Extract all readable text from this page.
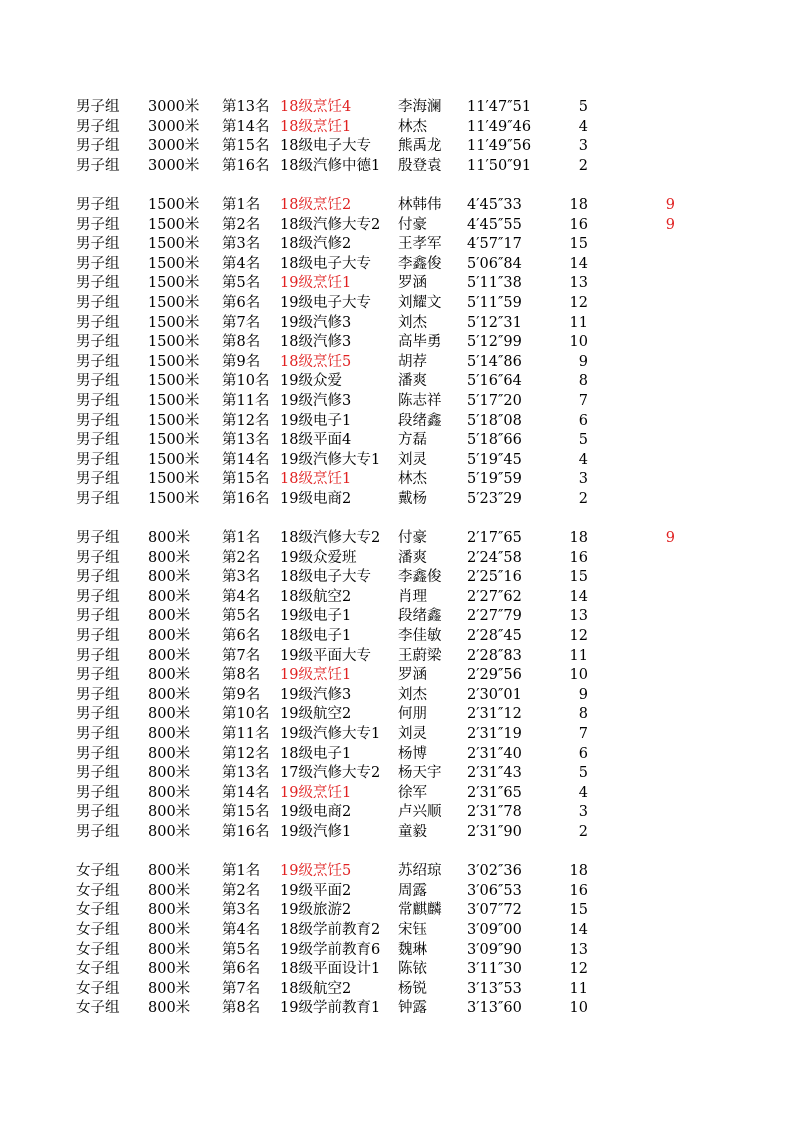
男子组 3000米 第13名 18级烹饪4	李海澜 11′47″51	5
男子组 3000米 第14名 18级烹饪1	林杰	11′49″46	4
男子组 3000米 第15名 18级电子大专 熊禹龙 11′49″56	3
男子组 3000米 第16名 18级汽修中德1 殷登袁 11′50″91	2
男子组 1500米 第1名 18级烹饪2	林韩伟 4′45″33	18	9
男子组 1500米 第2名 18级汽修大专2 付豪	4′45″55	16	9
男子组 1500米 第3名 18级汽修2	王孝军 4′57″17	15
男子组 1500米 第4名 18级电子大专 李鑫俊 5′06″84	14
男子组 1500米 第5名 19级烹饪1	罗涵	5′11″38	13
男子组 1500米 第6名 19级电子大专 刘耀文 5′11″59	12
男子组 1500米 第7名 19级汽修3	刘杰	5′12″31	11
男子组 1500米 第8名 18级汽修3	高毕勇 5′12″99	10
男子组 1500米 第9名 18级烹饪5	胡荐	5′14″86	9
男子组 1500米 第10名 19级众爱	潘爽	5′16″64	8
男子组 1500米 第11名 19级汽修3	陈志祥 5′17″20	7
男子组 1500米 第12名 19级电子1	段绪鑫 5′18″08	6
男子组 1500米 第13名 18级平面4	方磊	5′18″66	5
男子组 1500米 第14名 19级汽修大专1 刘灵	5′19″45	4
男子组 1500米 第15名 18级烹饪1	林杰	5′19″59	3
男子组 1500米 第16名 19级电商2	戴杨	5′23″29	2
男子组 800米 第1名 18级汽修大专2 付豪	2′17″65	18	9
男子组 800米 第2名 19级众爱班	潘爽	2′24″58	16
男子组 800米 第3名 18级电子大专 李鑫俊 2′25″16	15
男子组 800米 第4名 18级航空2	肖理	2′27″62	14
男子组 800米 第5名 19级电子1	段绪鑫 2′27″79	13
男子组 800米 第6名 18级电子1	李佳敏 2′28″45	12
男子组 800米 第7名 19级平面大专 王蔚梁 2′28″83	11
男子组 800米 第8名 19级烹饪1	罗涵	2′29″56	10
男子组 800米 第9名 19级汽修3	刘杰	2′30″01	9
男子组 800米 第10名 19级航空2	何朋	2′31″12	8
男子组 800米 第11名 19级汽修大专1 刘灵	2′31″19	7
男子组 800米 第12名 18级电子1	杨博	2′31″40	6
男子组 800米 第13名 17级汽修大专2 杨天宇 2′31″43	5
男子组 800米 第14名 19级烹饪1	徐军	2′31″65	4
男子组 800米 第15名 19级电商2	卢兴顺 2′31″78	3
男子组 800米 第16名 19级汽修1	童毅	2′31″90	2
女子组 800米 第1名 19级烹饪5	苏绍琼 3′02″36	18
女子组 800米 第2名 19级平面2	周露	3′06″53	16
女子组 800米 第3名 19级旅游2	常麒麟 3′07″72	15
女子组 800米 第4名 18级学前教育2 宋钰	3′09″00	14
女子组 800米 第5名 19级学前教育6 魏琳	3′09″90	13
女子组 800米 第6名 18级平面设计1 陈铱	3′11″30	12
女子组 800米 第7名 18级航空2	杨锐	3′13″53	11
女子组 800米 第8名 19级学前教育1 钟露	3′13″60	10
